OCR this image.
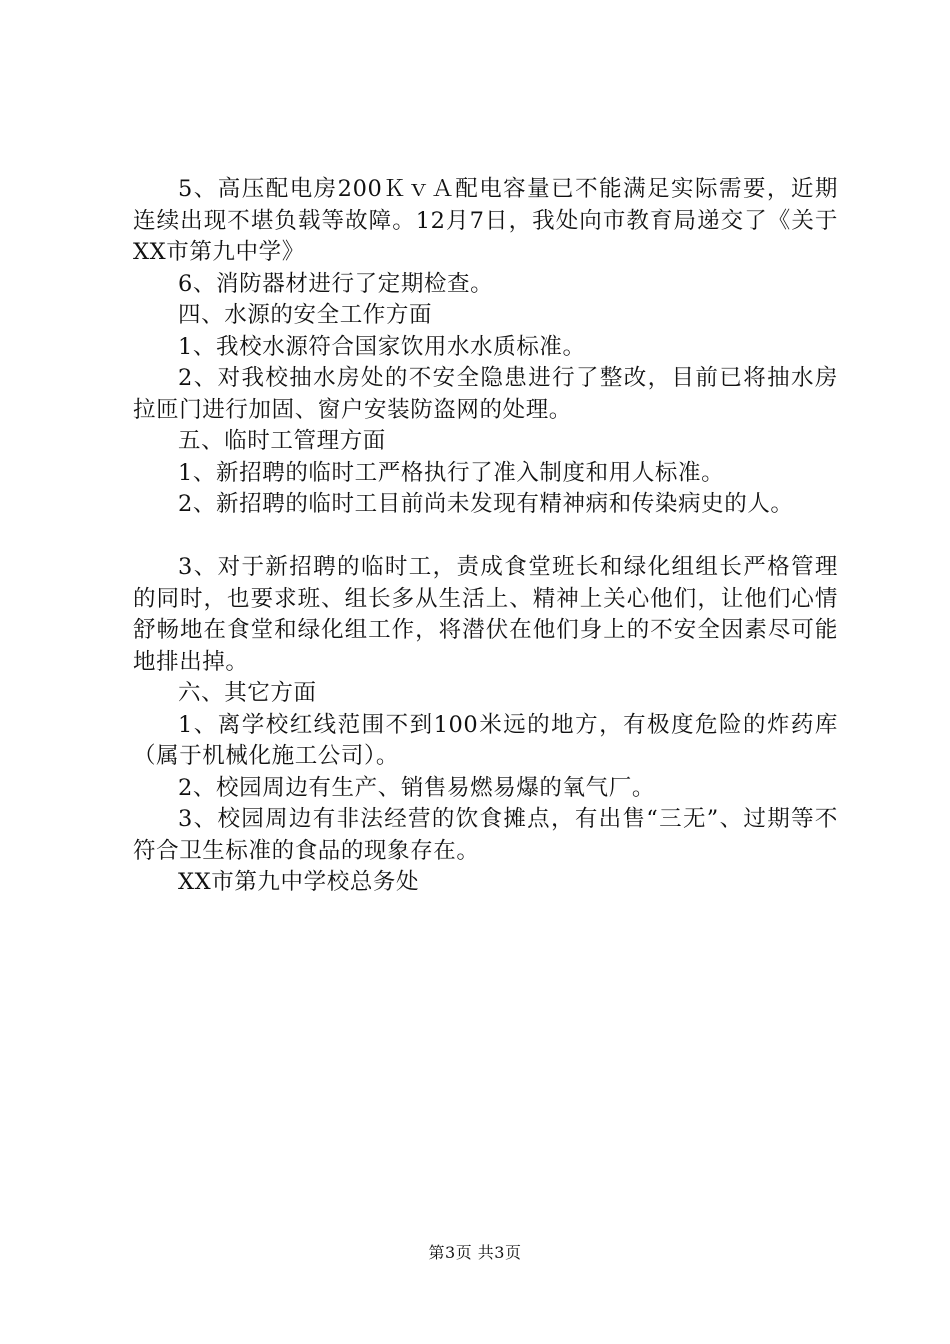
5、高压配电房200ＫｖＡ配电容量已不能满足实际需要，近期连续出现不堪负载等故障。12月7日，我处向市教育局递交了《关于XX市第九中学》

6、消防器材进行了定期检查。

四、水源的安全工作方面

1、我校水源符合国家饮用水水质标准。

2、对我校抽水房处的不安全隐患进行了整改，目前已将抽水房拉匝门进行加固、窗户安装防盗网的处理。

五、临时工管理方面

1、新招聘的临时工严格执行了准入制度和用人标准。

2、新招聘的临时工目前尚未发现有精神病和传染病史的人。

3、对于新招聘的临时工，责成食堂班长和绿化组组长严格管理的同时，也要求班、组长多从生活上、精神上关心他们，让他们心情舒畅地在食堂和绿化组工作，将潜伏在他们身上的不安全因素尽可能地排出掉。

六、其它方面

1、离学校红线范围不到100米远的地方，有极度危险的炸药库（属于机械化施工公司）。

2、校园周边有生产、销售易燃易爆的氧气厂。

3、校园周边有非法经营的饮食摊点，有出售“三无”、过期等不符合卫生标准的食品的现象存在。

XX市第九中学校总务处

第3页 共3页
